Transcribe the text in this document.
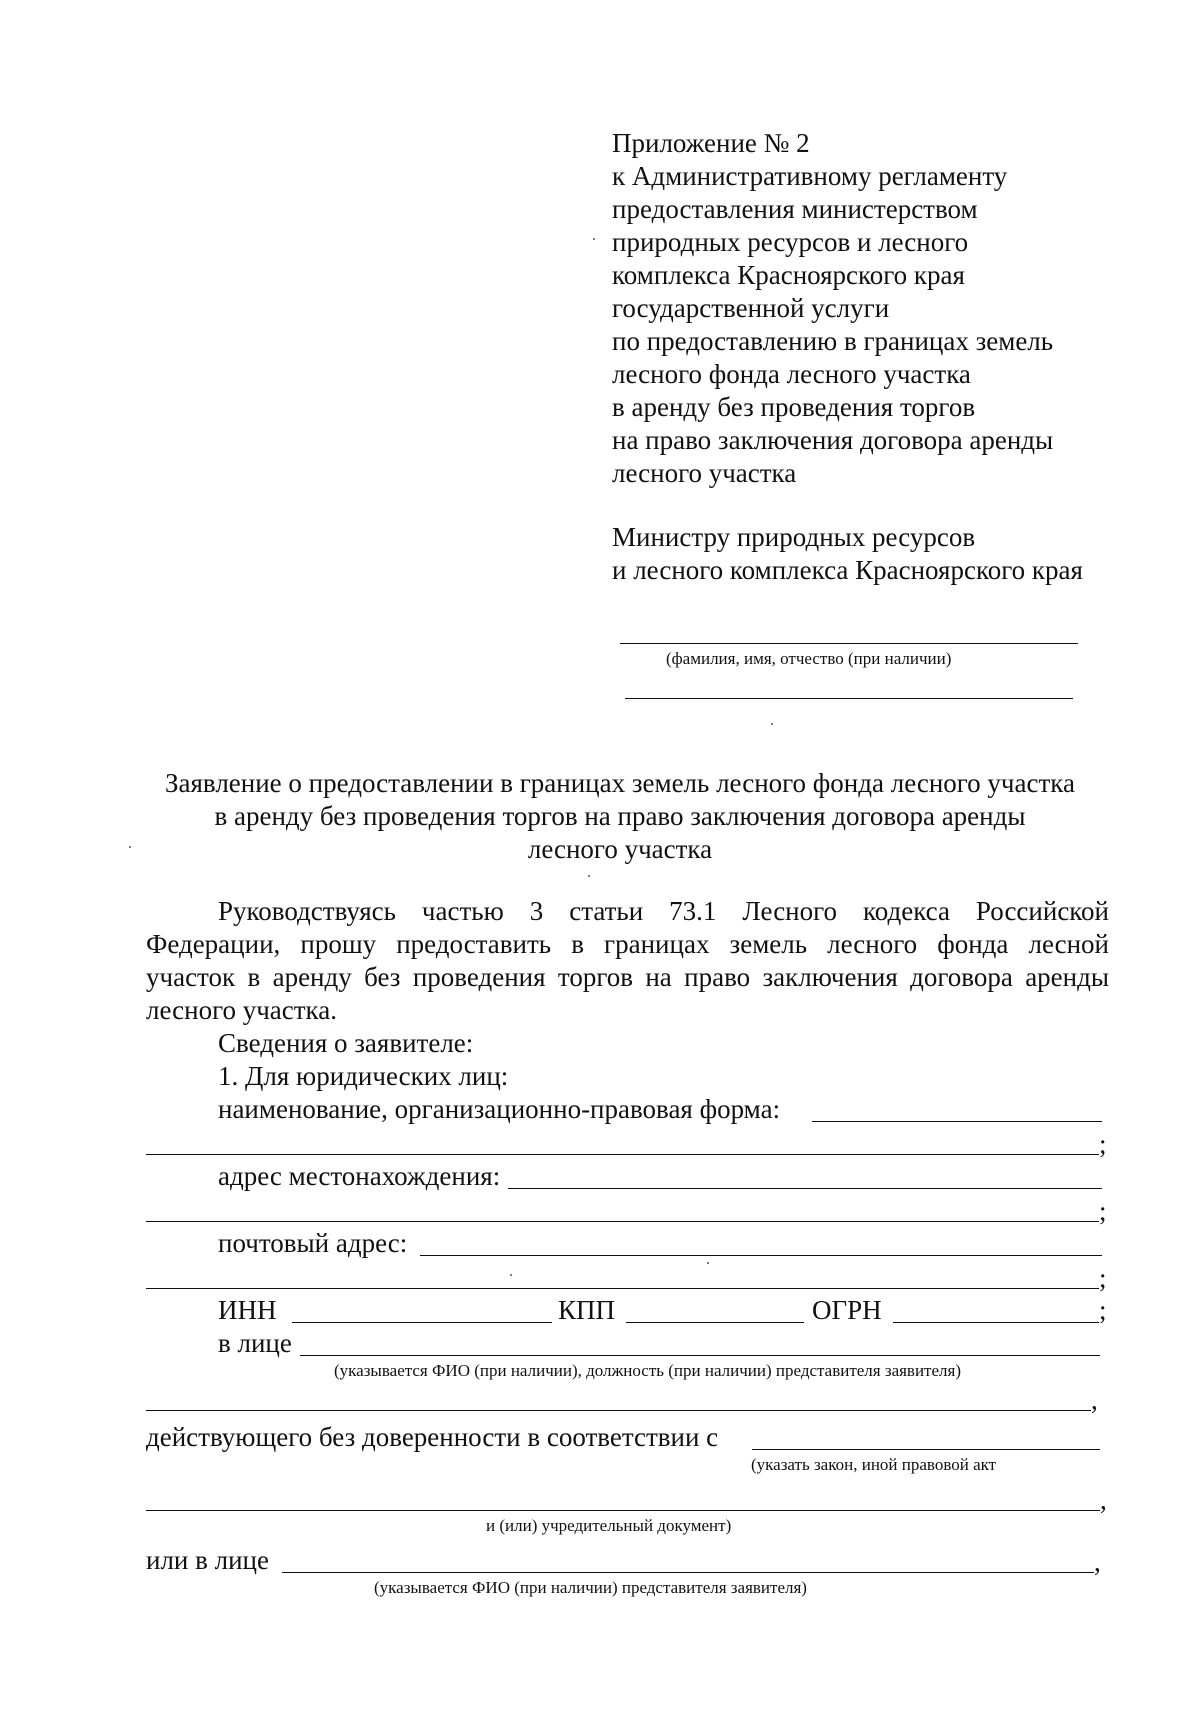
Приложение № 2
к Административному регламенту
предоставления министерством
природных ресурсов и лесного
комплекса Красноярского края
государственной услуги
по предоставлению в границах земель
лесного фонда лесного участка
в аренду без проведения торгов
на право заключения договора аренды
лесного участка
Министру природных ресурсов
и лесного комплекса Красноярского края
(фамилия, имя, отчество (при наличии)
Заявление о предоставлении в границах земель лесного фонда лесного участка
в аренду без проведения торгов на право заключения договора аренды
лесного участка
Руководствуясь частью 3 статьи 73.1 Лесного кодекса Российской
Федерации, прошу предоставить в границах земель лесного фонда лесной
участок в аренду без проведения торгов на право заключения договора аренды
лесного участка.
Сведения о заявителе:
1. Для юридических лиц:
наименование, организационно-правовая форма:
;
адрес местонахождения:
;
почтовый адрес:
;
ИНН	КПП	ОГРН	;
в лице
(указывается ФИО (при наличии), должность (при наличии) представителя заявителя)
,
действующего без доверенности в соответствии с
(указать закон, иной правовой акт
,
и (или) учредительный документ)
или в лице	,
(указывается ФИО (при наличии) представителя заявителя)
